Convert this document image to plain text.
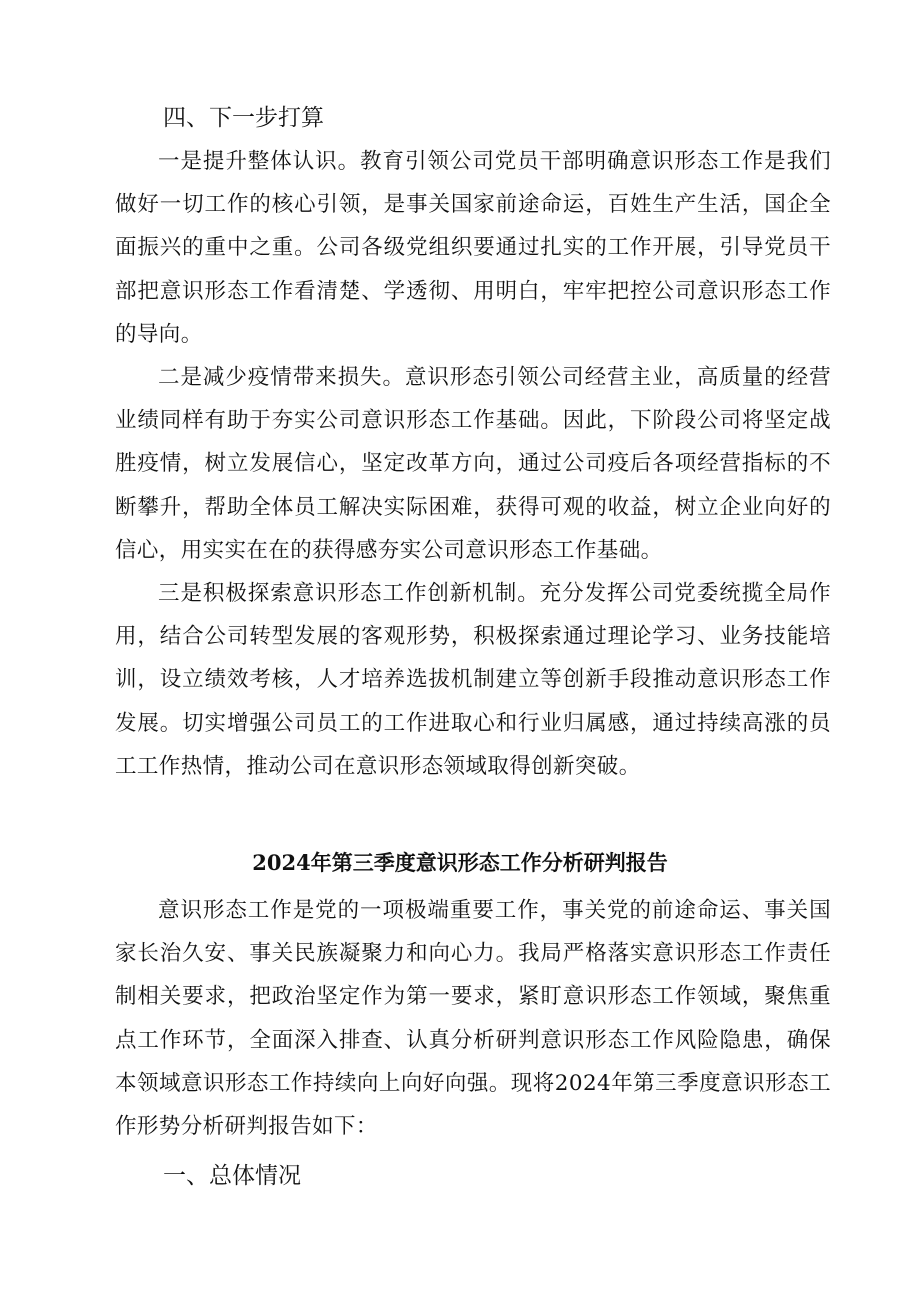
四、下一步打算

一是提升整体认识。教育引领公司党员干部明确意识形态工作是我们做好一切工作的核心引领，是事关国家前途命运，百姓生产生活，国企全面振兴的重中之重。公司各级党组织要通过扎实的工作开展，引导党员干部把意识形态工作看清楚、学透彻、用明白，牢牢把控公司意识形态工作的导向。

二是减少疫情带来损失。意识形态引领公司经营主业，高质量的经营业绩同样有助于夯实公司意识形态工作基础。因此，下阶段公司将坚定战胜疫情，树立发展信心，坚定改革方向，通过公司疫后各项经营指标的不断攀升，帮助全体员工解决实际困难，获得可观的收益，树立企业向好的信心，用实实在在的获得感夯实公司意识形态工作基础。

三是积极探索意识形态工作创新机制。充分发挥公司党委统揽全局作用，结合公司转型发展的客观形势，积极探索通过理论学习、业务技能培训，设立绩效考核，人才培养选拔机制建立等创新手段推动意识形态工作发展。切实增强公司员工的工作进取心和行业归属感，通过持续高涨的员工工作热情，推动公司在意识形态领域取得创新突破。

2024年第三季度意识形态工作分析研判报告

意识形态工作是党的一项极端重要工作，事关党的前途命运、事关国家长治久安、事关民族凝聚力和向心力。我局严格落实意识形态工作责任制相关要求，把政治坚定作为第一要求，紧盯意识形态工作领域，聚焦重点工作环节，全面深入排查、认真分析研判意识形态工作风险隐患，确保本领域意识形态工作持续向上向好向强。现将2024年第三季度意识形态工作形势分析研判报告如下：

一、总体情况
